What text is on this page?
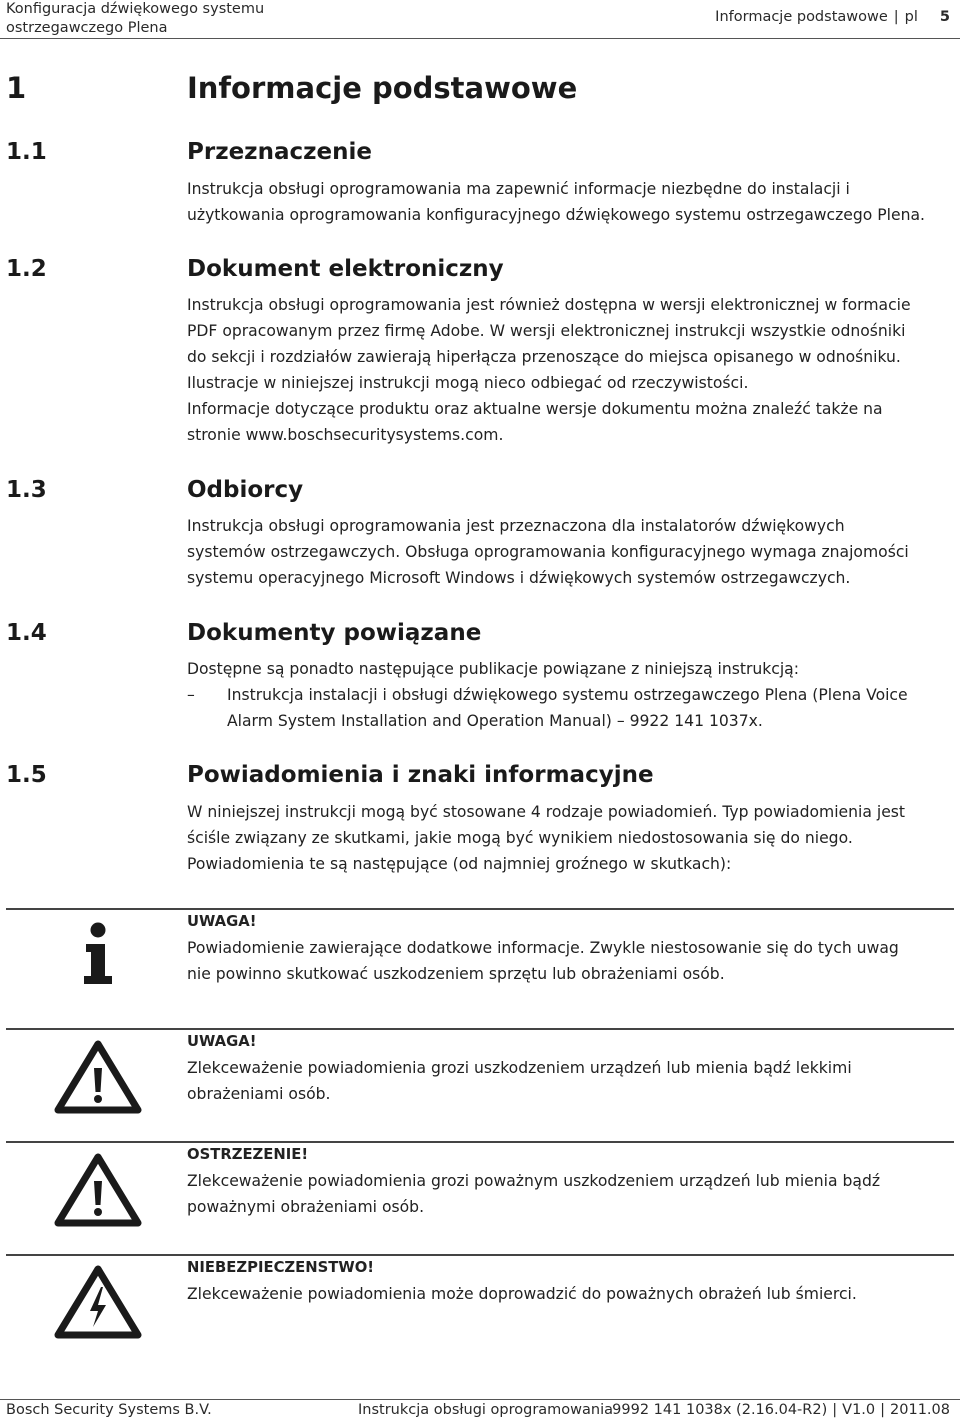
Konfiguracja dźwiękowego systemu
ostrzegawczego Plena
Informacje podstawowe | pl 5
1	Informacje podstawowe
1.1	Przeznaczenie

Instrukcja obsługi oprogramowania ma zapewnić informacje niezbędne do instalacji i

użytkowania oprogramowania konfiguracyjnego dźwiękowego systemu ostrzegawczego Plena.

1.2	Dokument elektroniczny

Instrukcja obsługi oprogramowania jest również dostępna w wersji elektronicznej w formacie

PDF opracowanym przez firmę Adobe. W wersji elektronicznej instrukcji wszystkie odnośniki

do sekcji i rozdziałów zawierają hiperłącza przenoszące do miejsca opisanego w odnośniku.

Ilustracje w niniejszej instrukcji mogą nieco odbiegać od rzeczywistości.

Informacje dotyczące produktu oraz aktualne wersje dokumentu można znaleźć także na

stronie www.boschsecuritysystems.com.

1.3	Odbiorcy

Instrukcja obsługi oprogramowania jest przeznaczona dla instalatorów dźwiękowych

systemów ostrzegawczych. Obsługa oprogramowania konfiguracyjnego wymaga znajomości

systemu operacyjnego Microsoft Windows i dźwiękowych systemów ostrzegawczych.

1.4	Dokumenty powiązane

Dostępne są ponadto następujące publikacje powiązane z niniejszą instrukcją:

–	Instrukcja instalacji i obsługi dźwiękowego systemu ostrzegawczego Plena (Plena Voice
Alarm System Installation and Operation Manual) – 9922 141 1037x.
1.5	Powiadomienia i znaki informacyjne

W niniejszej instrukcji mogą być stosowane 4 rodzaje powiadomień. Typ powiadomienia jest

ściśle związany ze skutkami, jakie mogą być wynikiem niedostosowania się do niego.

Powiadomienia te są następujące (od najmniej groźnego w skutkach):

UWAGA!
Powiadomienie zawierające dodatkowe informacje. Zwykle niestosowanie się do tych uwag
nie powinno skutkować uszkodzeniem sprzętu lub obrażeniami osób.
UWAGA!
Zlekceważenie powiadomienia grozi uszkodzeniem urządzeń lub mienia bądź lekkimi
obrażeniami osób.
OSTRZEZENIE!
Zlekceważenie powiadomienia grozi poważnym uszkodzeniem urządzeń lub mienia bądź
poważnymi obrażeniami osób.
NIEBEZPIECZENSTWO!
Zlekceważenie powiadomienia może doprowadzić do poważnych obrażeń lub śmierci.
Bosch Security Systems B.V.	Instrukcja obsługi oprogramowania 9992 141 1038x (2.16.04-R2) | V1.0 | 2011.08
